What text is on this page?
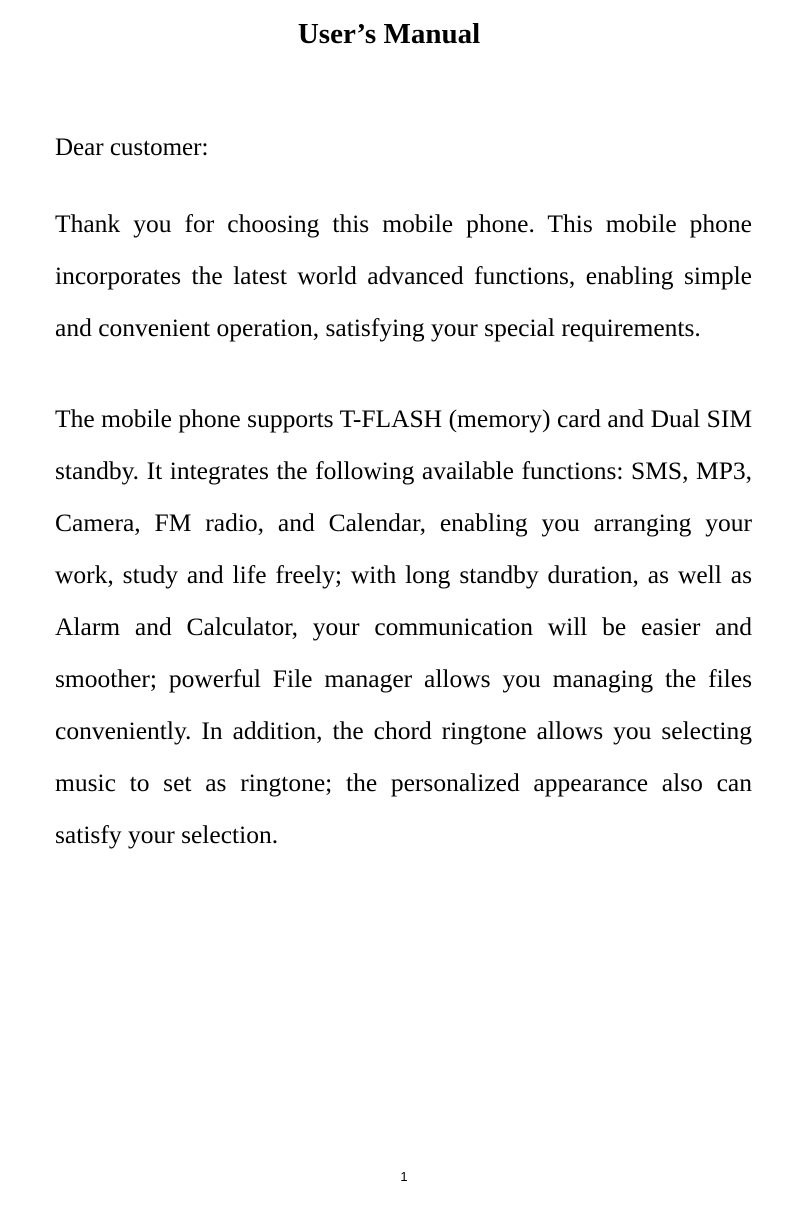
User’s Manual

Dear customer:

Thank you for choosing this mobile phone. This mobile phone incorporates the latest world advanced functions, enabling simple and convenient operation, satisfying your special requirements.

The mobile phone supports T-FLASH (memory) card and Dual SIM standby. It integrates the following available functions: SMS, MP3, Camera, FM radio, and Calendar, enabling you arranging your work, study and life freely; with long standby duration, as well as Alarm and Calculator, your communication will be easier and smoother; powerful File manager allows you managing the files conveniently. In addition, the chord ringtone allows you selecting music to set as ringtone; the personalized appearance also can satisfy your selection.

1
